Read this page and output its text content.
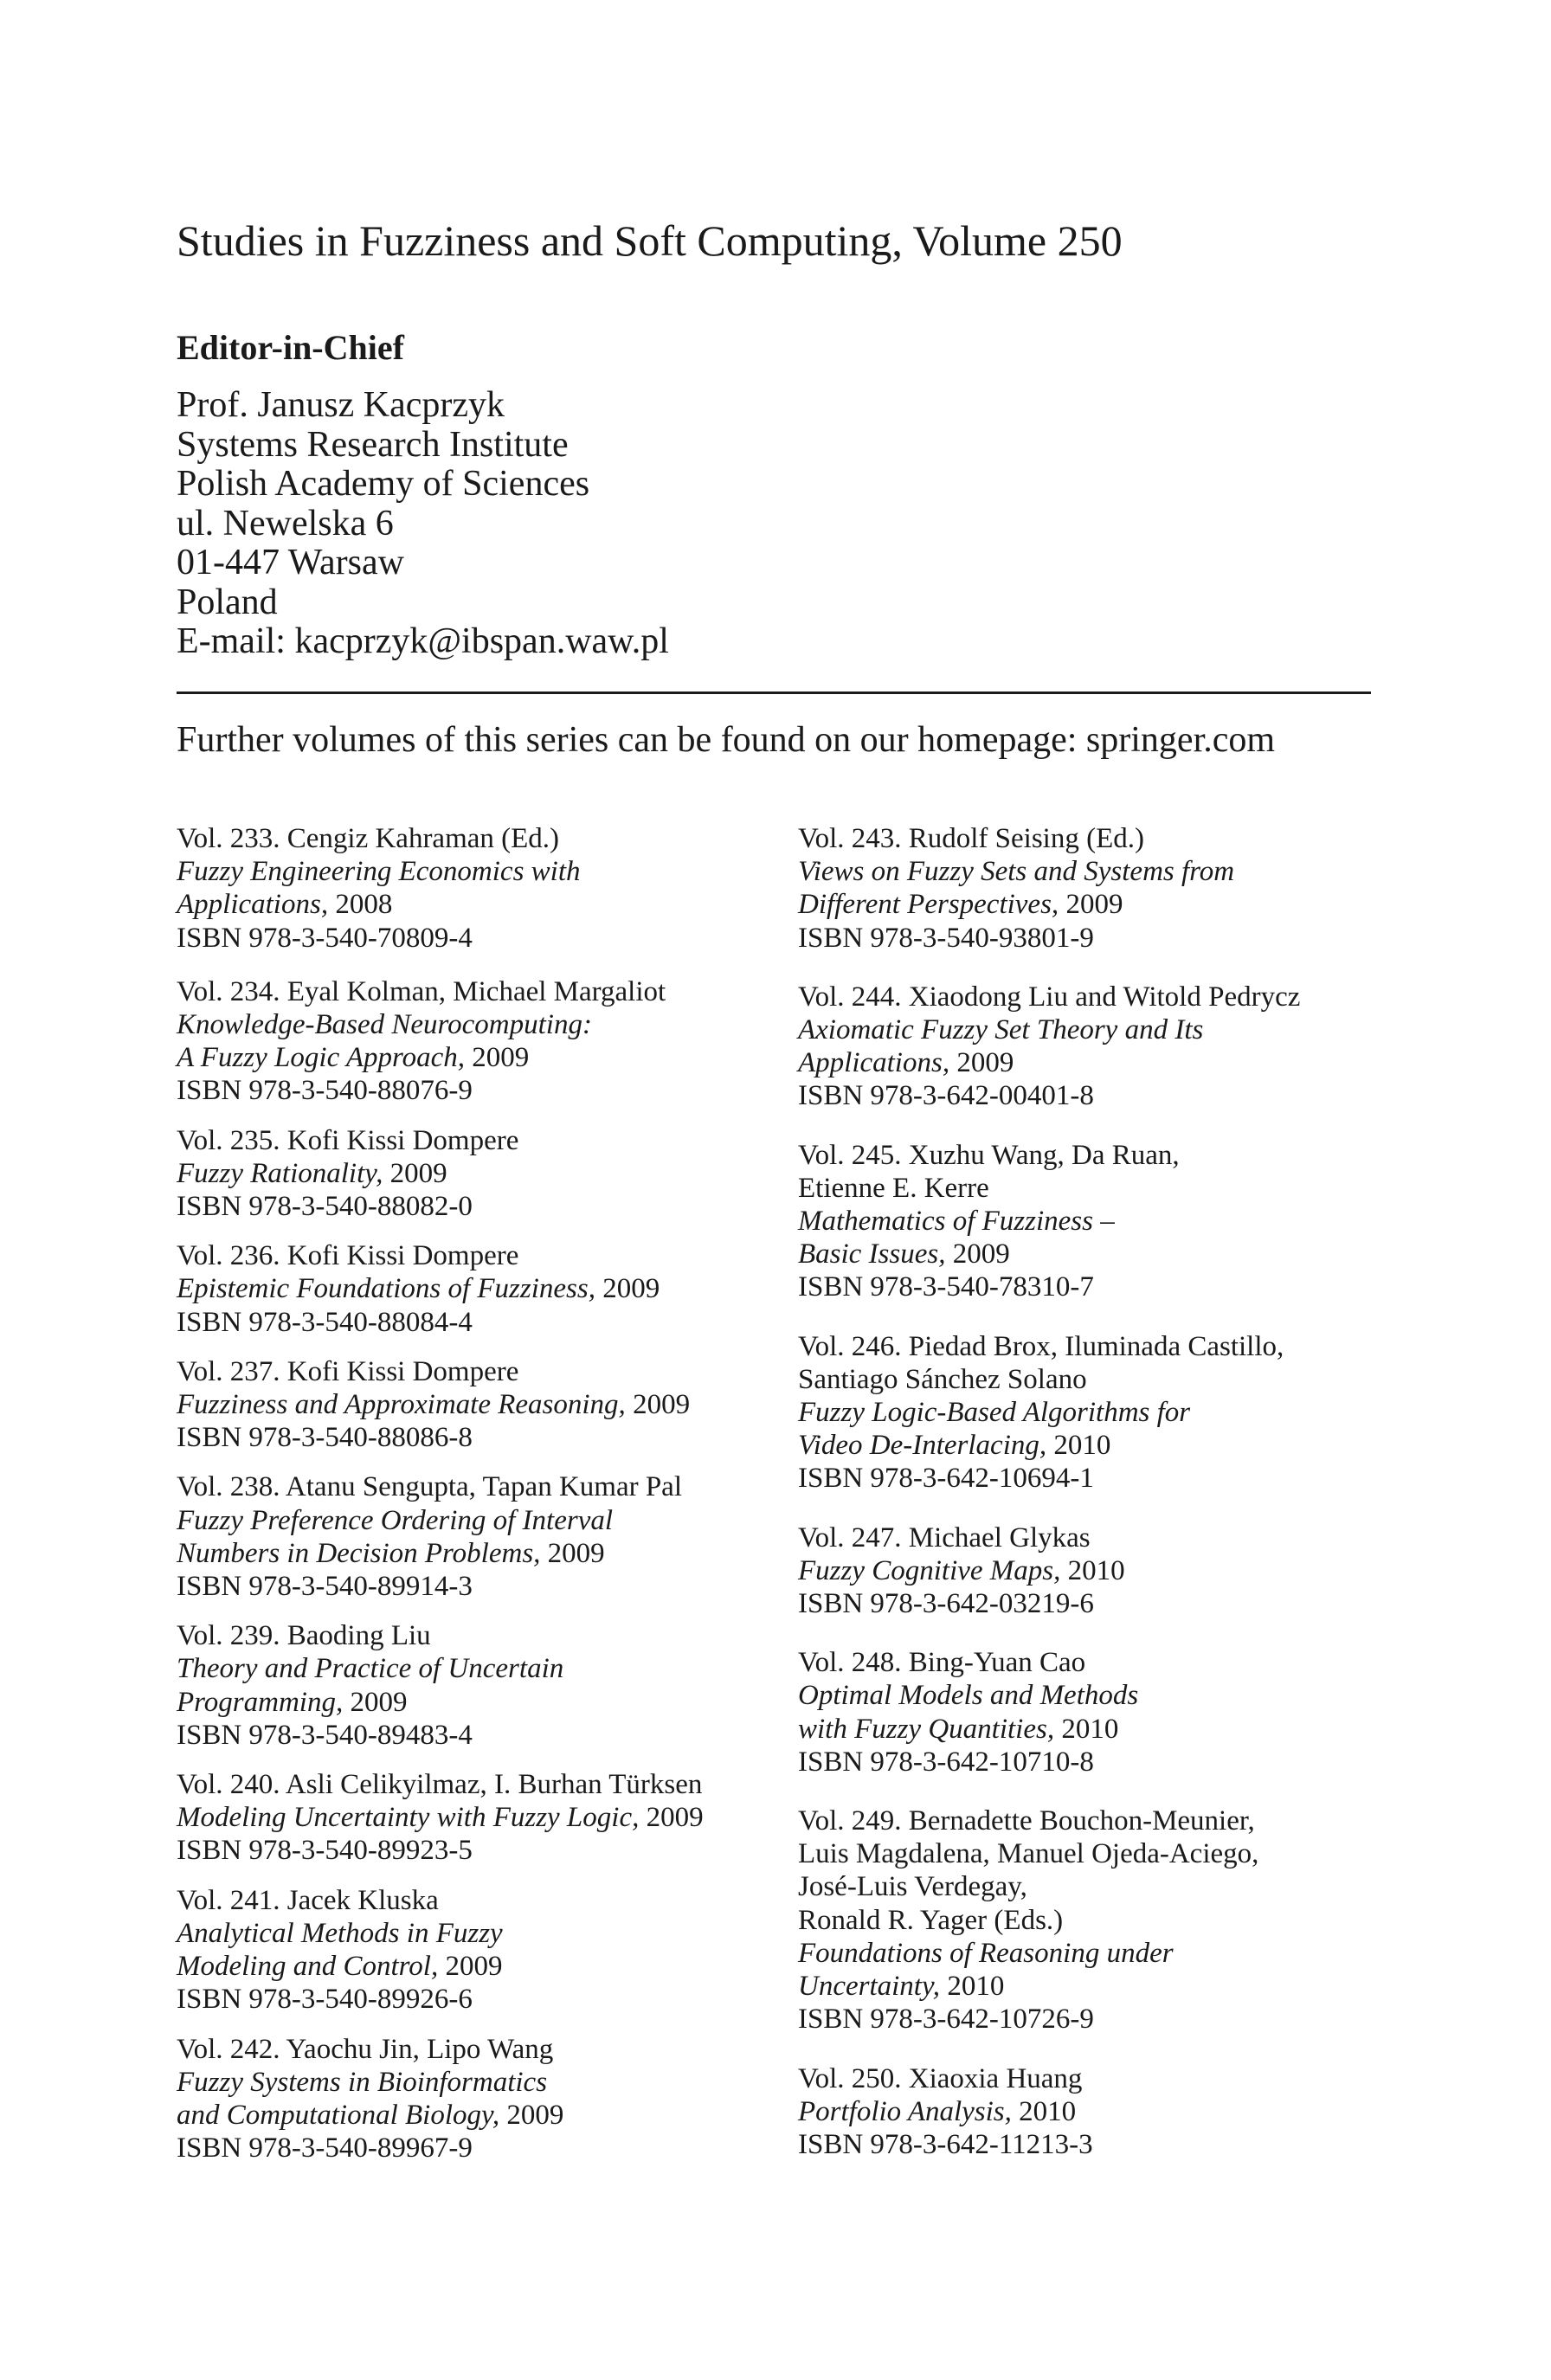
Studies in Fuzziness and Soft Computing, Volume 250
Editor-in-Chief
Prof. Janusz Kacprzyk
Systems Research Institute
Polish Academy of Sciences
ul. Newelska 6
01-447 Warsaw
Poland
E-mail: kacprzyk@ibspan.waw.pl
Further volumes of this series can be found on our homepage: springer.com
Vol. 233. Cengiz Kahraman (Ed.)
Fuzzy Engineering Economics with
Applications, 2008
ISBN 978-3-540-70809-4
Vol. 234. Eyal Kolman, Michael Margaliot
Knowledge-Based Neurocomputing:
A Fuzzy Logic Approach, 2009
ISBN 978-3-540-88076-9
Vol. 235. Kofi Kissi Dompere
Fuzzy Rationality, 2009
ISBN 978-3-540-88082-0
Vol. 236. Kofi Kissi Dompere
Epistemic Foundations of Fuzziness, 2009
ISBN 978-3-540-88084-4
Vol. 237. Kofi Kissi Dompere
Fuzziness and Approximate Reasoning, 2009
ISBN 978-3-540-88086-8
Vol. 238. Atanu Sengupta, Tapan Kumar Pal
Fuzzy Preference Ordering of Interval
Numbers in Decision Problems, 2009
ISBN 978-3-540-89914-3
Vol. 239. Baoding Liu
Theory and Practice of Uncertain
Programming, 2009
ISBN 978-3-540-89483-4
Vol. 240. Asli Celikyilmaz, I. Burhan Türksen
Modeling Uncertainty with Fuzzy Logic, 2009
ISBN 978-3-540-89923-5
Vol. 241. Jacek Kluska
Analytical Methods in Fuzzy
Modeling and Control, 2009
ISBN 978-3-540-89926-6
Vol. 242. Yaochu Jin, Lipo Wang
Fuzzy Systems in Bioinformatics
and Computational Biology, 2009
ISBN 978-3-540-89967-9
Vol. 243. Rudolf Seising (Ed.)
Views on Fuzzy Sets and Systems from
Different Perspectives, 2009
ISBN 978-3-540-93801-9
Vol. 244. Xiaodong Liu and Witold Pedrycz
Axiomatic Fuzzy Set Theory and Its
Applications, 2009
ISBN 978-3-642-00401-8
Vol. 245. Xuzhu Wang, Da Ruan,
Etienne E. Kerre
Mathematics of Fuzziness –
Basic Issues, 2009
ISBN 978-3-540-78310-7
Vol. 246. Piedad Brox, Iluminada Castillo,
Santiago Sánchez Solano
Fuzzy Logic-Based Algorithms for
Video De-Interlacing, 2010
ISBN 978-3-642-10694-1
Vol. 247. Michael Glykas
Fuzzy Cognitive Maps, 2010
ISBN 978-3-642-03219-6
Vol. 248. Bing-Yuan Cao
Optimal Models and Methods
with Fuzzy Quantities, 2010
ISBN 978-3-642-10710-8
Vol. 249. Bernadette Bouchon-Meunier,
Luis Magdalena, Manuel Ojeda-Aciego,
José-Luis Verdegay,
Ronald R. Yager (Eds.)
Foundations of Reasoning under
Uncertainty, 2010
ISBN 978-3-642-10726-9
Vol. 250. Xiaoxia Huang
Portfolio Analysis, 2010
ISBN 978-3-642-11213-3
